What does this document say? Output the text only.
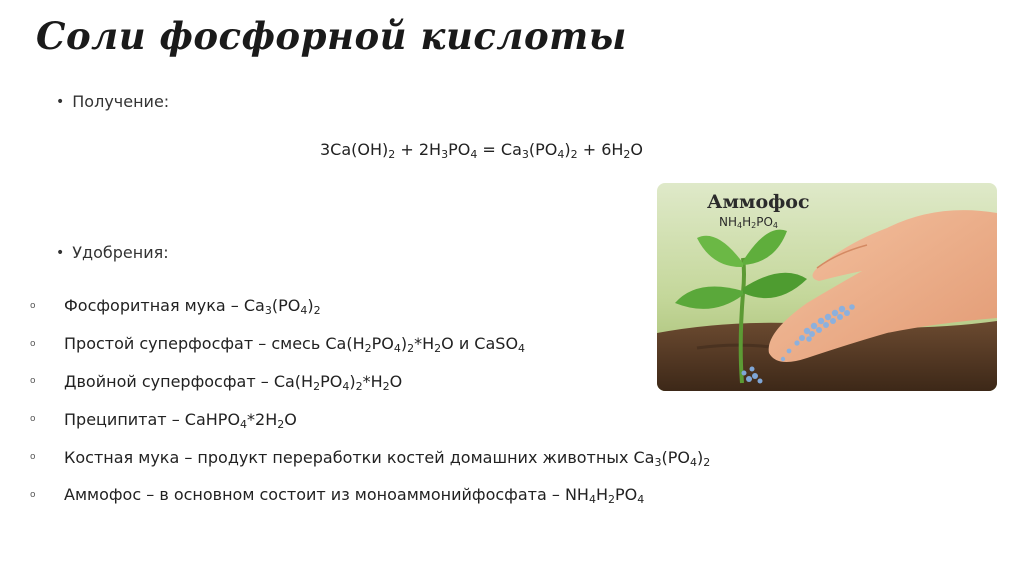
Соли фосфорной кислоты
• Получение:
$3Ca(OH)_2 + 2H_3PO_4 = Ca_3(PO_4)_2 + 6H_2O$
• Удобрения:
o	Фосфоритная мука – $Ca_3(PO_4)_2$
o	Простой суперфосфат – смесь $Ca(H_2PO_4)_2*H_2O$ и CaSO$_4$
o	Двойной суперфосфат – $Ca(H_2PO_4)_2*H_2O$
o	Преципитат – $CaHPO_4*2H_2O$
o	Костная мука – продукт переработки костей домашних животных $Ca_3(PO_4)_2$
o	Аммофос – в основном состоит из моноаммонийфосфата – $NH_4H_2PO_4$
Аммофос
$NH_4H_2PO_4$
